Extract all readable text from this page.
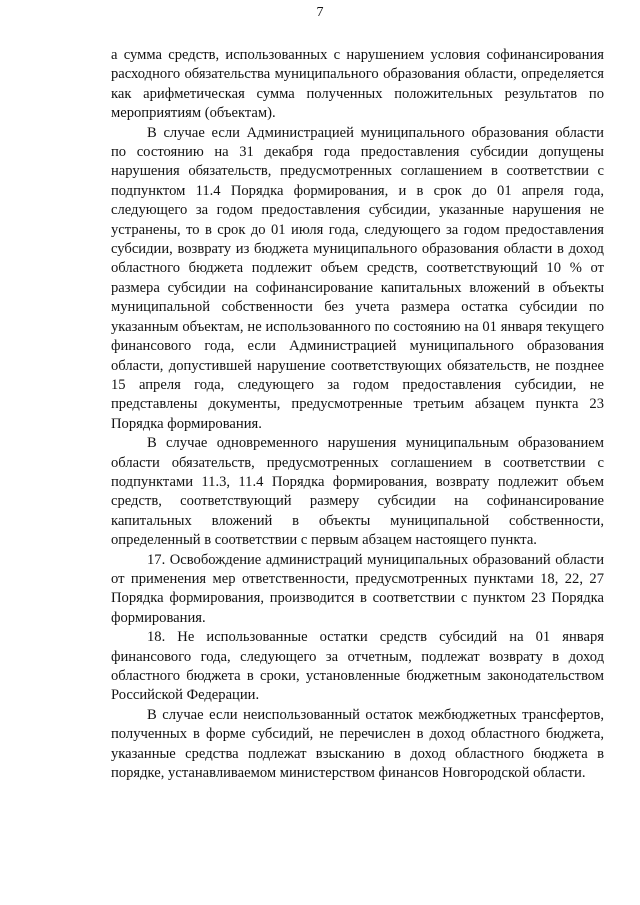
7

а сумма средств, использованных с нарушением условия софинансирования расходного обязательства муниципального образования области, определяется как арифметическая сумма полученных положительных результатов по мероприятиям (объектам).

В случае если Администрацией муниципального образования области по состоянию на 31 декабря года предоставления субсидии допущены нарушения обязательств, предусмотренных соглашением в соответствии с подпунктом 11.4 Порядка формирования, и в срок до 01 апреля года, следующего за годом предоставления субсидии, указанные нарушения не устранены, то в срок до 01 июля года, следующего за годом предоставления субсидии, возврату из бюджета муниципального образования области в доход областного бюджета подлежит объем средств, соответствующий 10 % от размера субсидии на софинансирование капитальных вложений в объекты муниципальной собственности без учета размера остатка субсидии по указанным объектам, не использованного по состоянию на 01 января текущего финансового года, если Администрацией муниципального образования области, допустившей нарушение соответствующих обязательств, не позднее 15 апреля года, следующего за годом предоставления субсидии, не представлены документы, предусмотренные третьим абзацем пункта 23 Порядка формирования.

В случае одновременного нарушения муниципальным образованием области обязательств, предусмотренных соглашением в соответствии с подпунктами 11.3, 11.4 Порядка формирования, возврату подлежит объем средств, соответствующий размеру субсидии на софинансирование капитальных вложений в объекты муниципальной собственности, определенный в соответствии с первым абзацем настоящего пункта.

17. Освобождение администраций муниципальных образований области от применения мер ответственности, предусмотренных пунктами 18, 22, 27 Порядка формирования, производится в соответствии с пунктом 23 Порядка формирования.

18. Не использованные остатки средств субсидий на 01 января финансового года, следующего за отчетным, подлежат возврату в доход областного бюджета в сроки, установленные бюджетным законодательством Российской Федерации.

В случае если неиспользованный остаток межбюджетных трансфертов, полученных в форме субсидий, не перечислен в доход областного бюджета, указанные средства подлежат взысканию в доход областного бюджета в порядке, устанавливаемом министерством финансов Новгородской области.
